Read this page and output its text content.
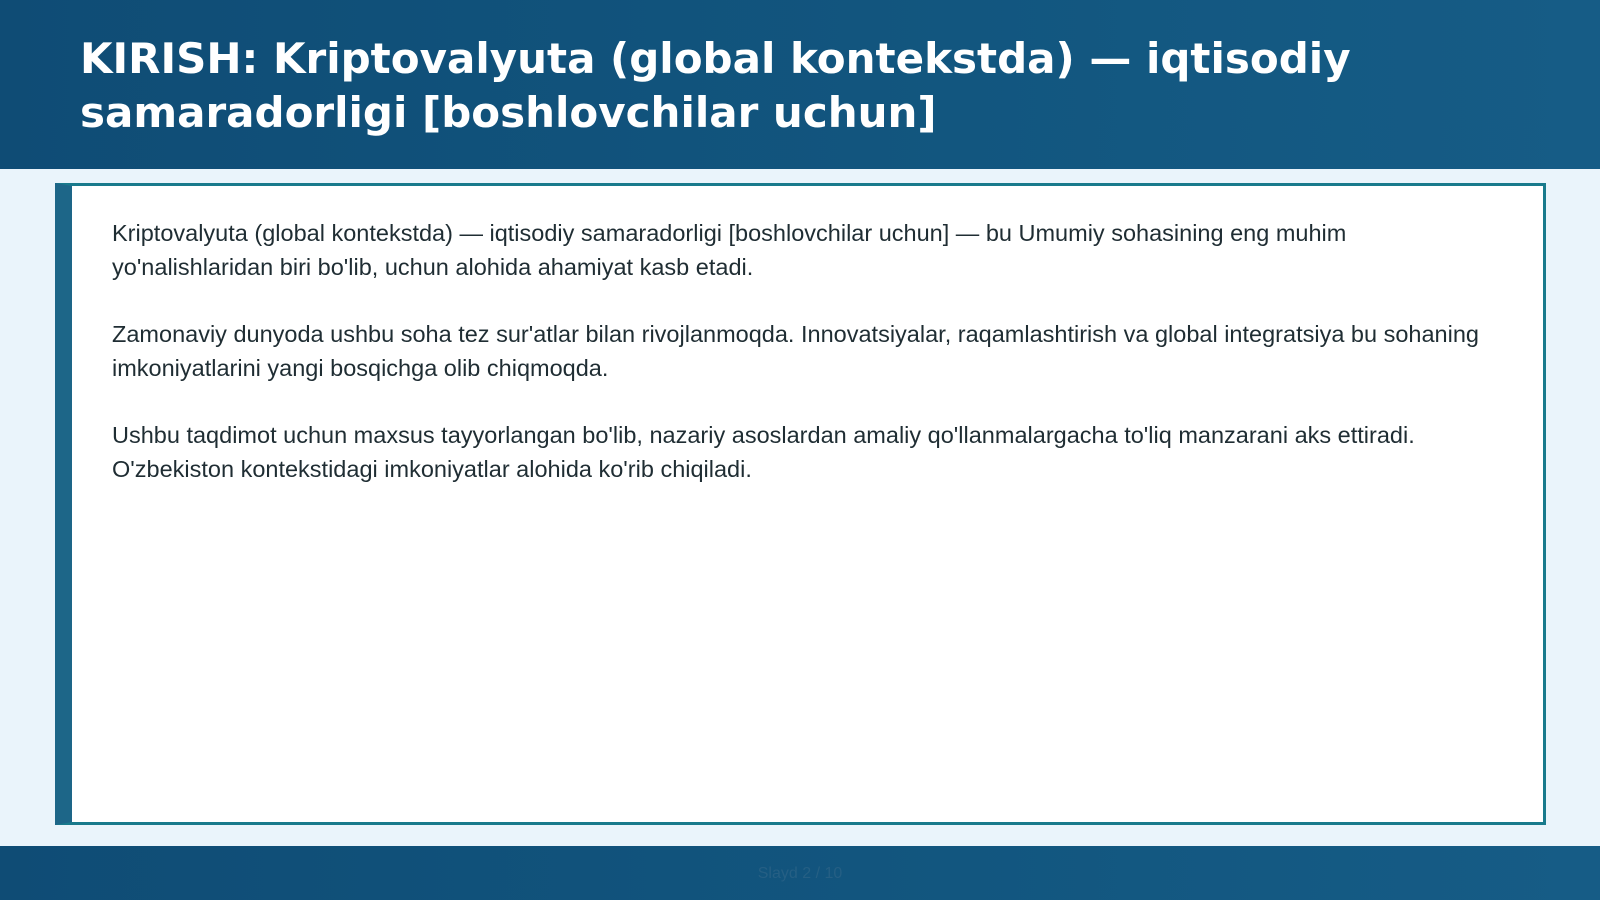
KIRISH: Kriptovalyuta (global kontekstda) — iqtisodiy samaradorligi [boshlovchilar uchun]

Kriptovalyuta (global kontekstda) — iqtisodiy samaradorligi [boshlovchilar uchun] — bu Umumiy sohasining eng muhim yo'nalishlaridan biri bo'lib, uchun alohida ahamiyat kasb etadi.

Zamonaviy dunyoda ushbu soha tez sur'atlar bilan rivojlanmoqda. Innovatsiyalar, raqamlashtirish va global integratsiya bu sohaning imkoniyatlarini yangi bosqichga olib chiqmoqda.

Ushbu taqdimot uchun maxsus tayyorlangan bo'lib, nazariy asoslardan amaliy qo'llanmalargacha to'liq manzarani aks ettiradi. O'zbekiston kontekstidagi imkoniyatlar alohida ko'rib chiqiladi.

Slayd 2 / 10
